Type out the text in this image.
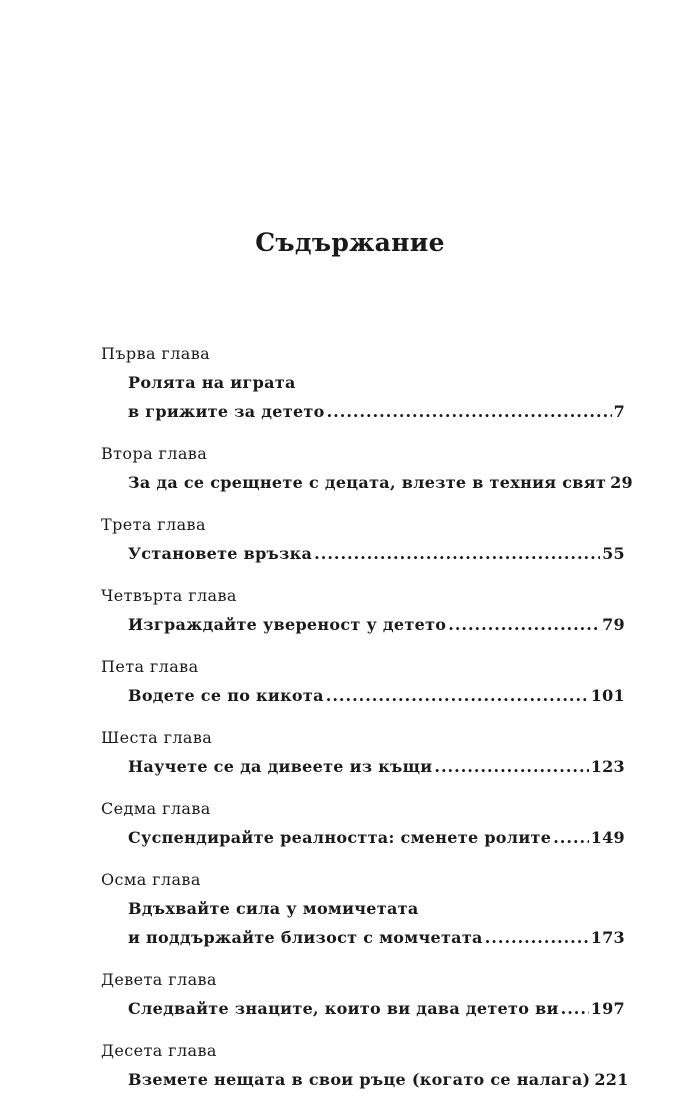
Съдържание
Първа глава
Ролята на играта
в грижите за детето .....	7
Втора глава
За да се срещнете с децата, влезте в техния свят 29
Трета глава
Установете връзка .....	55
Четвърта глава
Изграждайте увереност у детето .....	79
Пета глава
Водете се по кикота .....	101
Шеста глава
Научете се да дивеете из къщи .....	123
Седма глава
Суспендирайте реалността: сменете ролите ..... 149
Осма глава
Вдъхвайте сила у момичетата
и поддържайте близост с момчетата .....	173
Девета глава
Следвайте знаците, които ви дава детето ви ..... 197
Десета глава
Вземете нещата в свои ръце (когато се налага) 221
